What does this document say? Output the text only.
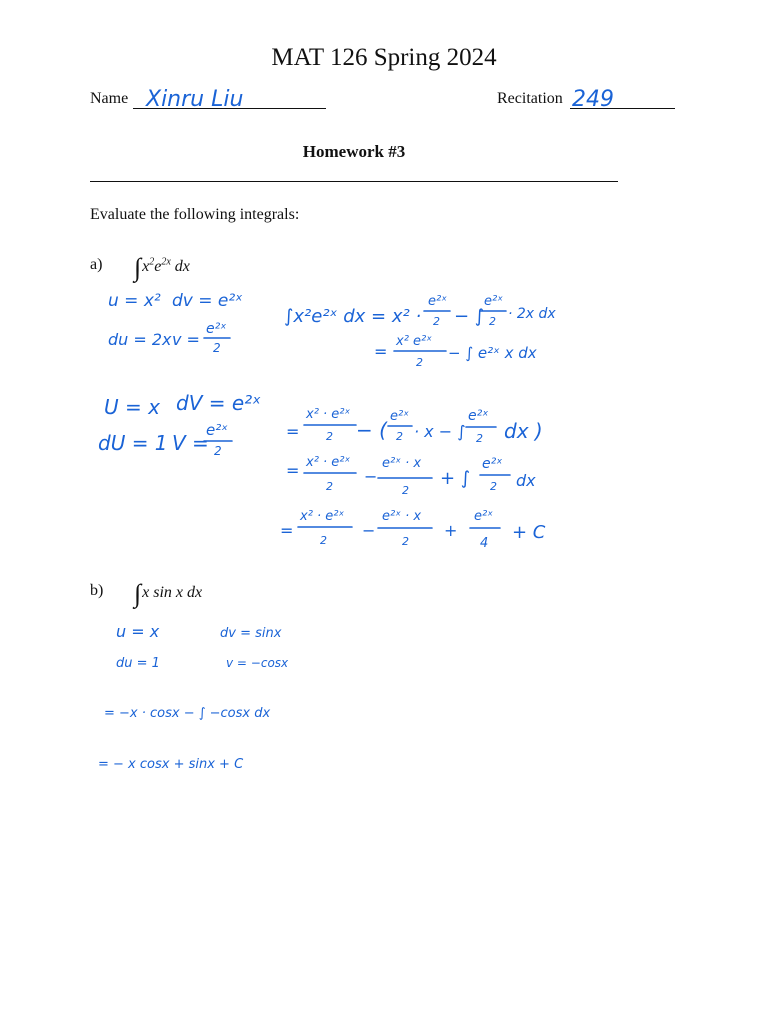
MAT 126 Spring 2024
Name	Recitation
Homework #3
Evaluate the following integrals:
a) $\int x^2e^{2x}$ dx
b) ∫x sin x dx
Xinru Liu	249
u = x² dv = e²ˣ
du = 2x v =
e²ˣ
2
U = x dV = e²ˣ
dU = 1 V =
e²ˣ
2
∫x²e²ˣ dx = x² ·
e²ˣ
2 − ∫
e²ˣ
2 · 2x dx
=
x² e²ˣ
2
− ∫ e²ˣ x dx
=
x² · e²ˣ
2 − (
e²ˣ
2 · x − ∫
e²ˣ
2 dx )
= x² · e²ˣ
2
−
e²ˣ · x
2
+ ∫
e²ˣ
2 dx
=
x² · e²ˣ
2
−
e²ˣ · x
2
+
e²ˣ
4
+ C
u = x	dv = sinx
du = 1	v = −cosx
= −x · cosx − ∫ −cosx dx
= − x cosx + sinx + C
